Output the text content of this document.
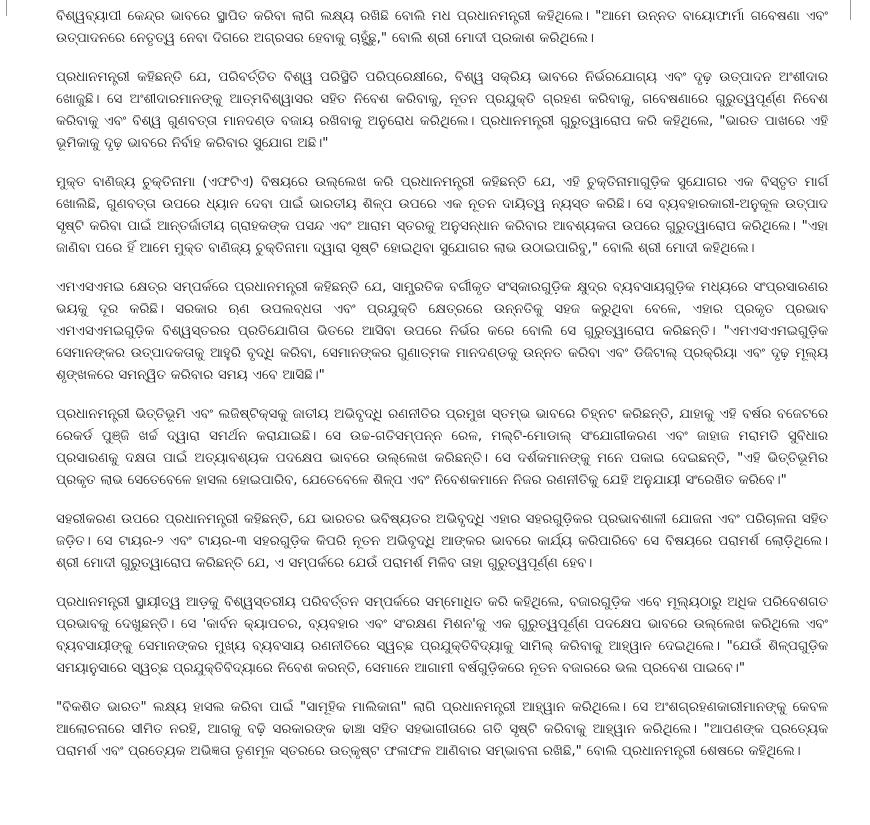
ବିଶ୍ୱବ୍ୟାପୀ କେନ୍ଦ୍ର ଭାବରେ ସ୍ଥାପିତ କରିବା ଲାଗି ଲକ୍ଷ୍ୟ ରଖିଛି ବୋଲି ମଧ ପ୍ରଧାନମନ୍ତ୍ରୀ କହିଥିଲେ। "ଆମେ ଉନ୍ନତ ବାୟୋଫାର୍ମା ଗବେଷଣା ଏବଂ ଉତ୍ପାଦନରେ ନେତୃତ୍ୱ ନେବା ଦିଗରେ ଅଗ୍ରସର ହେବାକୁ ଚାହୁଁଛୁ," ବୋଲି ଶ୍ରୀ ମୋଦୀ ପ୍ରକାଶ କରିଥିଲେ।

ପ୍ରଧାନମନ୍ତ୍ରୀ କହିଛନ୍ତି ଯେ, ପରିବର୍ତ୍ତିତ ବିଶ୍ୱ ପରିସ୍ଥିତି ପରିପ୍ରେକ୍ଷୀରେ, ବିଶ୍ୱ ସକ୍ରିୟ ଭାବରେ ନିର୍ଭରଯୋଗ୍ୟ ଏବଂ ଦୃଢ଼ ଉତ୍ପାଦନ ଅଂଶୀଦାର ଖୋଜୁଛି। ସେ ଅଂଶୀଦାରମାନଙ୍କୁ ଆତ୍ମବିଶ୍ୱାସର ସହିତ ନିବେଶ କରିବାକୁ, ନୂତନ ପ୍ରଯୁକ୍ତି ଗ୍ରହଣ କରିବାକୁ, ଗବେଷଣାରେ ଗୁରୁତ୍ୱପୂର୍ଣ୍ଣ ନିବେଶ କରିବାକୁ ଏବଂ ବିଶ୍ୱ ଗୁଣବତ୍ତା ମାନଦଣ୍ଡ ବଜାୟ ରଖିବାକୁ ଅନୁରୋଧ କରିଥିଲେ। ପ୍ରଧାନମନ୍ତ୍ରୀ ଗୁରୁତ୍ୱାରୋପ କରି କହିଥିଲେ, "ଭାରତ ପାଖରେ ଏହି ଭୂମିକାକୁ ଦୃଢ଼ ଭାବରେ ନିର୍ବାହ କରିବାର ସୁଯୋଗ ଅଛି।"

ମୁକ୍ତ ବାଣିଜ୍ୟ ଚୁକ୍ତିନାମା (ଏଫଟିଏ) ବିଷୟରେ ଉଲ୍ଲେଖ କରି ପ୍ରଧାନମନ୍ତ୍ରୀ କହିଛନ୍ତି ଯେ, ଏହି ଚୁକ୍ତିନାମାଗୁଡ଼ିକ ସୁଯୋଗର ଏକ ବିସ୍ତୃତ ମାର୍ଗ ଖୋଲିଛି, ଗୁଣବତ୍ତା ଉପରେ ଧ୍ୟାନ ଦେବା ପାଇଁ ଭାରତୀୟ ଶିଳ୍ପ ଉପରେ ଏକ ନୂତନ ଦାୟିତ୍ୱ ନ୍ୟସ୍ତ କରିଛି। ସେ ବ୍ୟବହାରକାରୀ-ଅନୁକୂଳ ଉତ୍ପାଦ ସୃଷ୍ଟି କରିବା ପାଇଁ ଆନ୍ତର୍ଜାତୀୟ ଗ୍ରାହକଙ୍କ ପସନ୍ଦ ଏବଂ ଆରାମ ସ୍ତରକୁ ଅନୁସନ୍ଧାନ କରିବାର ଆବଶ୍ୟକତା ଉପରେ ଗୁରୁତ୍ୱାରୋପ କରିଥିଲେ। "ଏହା ଜାଣିବା ପରେ ହିଁ ଆମେ ମୁକ୍ତ ବାଣିଜ୍ୟ ଚୁକ୍ତିନାମା ଦ୍ୱାରା ସୃଷ୍ଟି ହୋଇଥିବା ସୁଯୋଗର ଲାଭ ଉଠାଇପାରିବୁ," ବୋଲି ଶ୍ରୀ ମୋଦୀ କହିଥିଲେ।

ଏମଏସଏମଇ କ୍ଷେତ୍ର ସମ୍ପର୍କରେ ପ୍ରଧାନମନ୍ତ୍ରୀ କହିଛନ୍ତି ଯେ, ସାମ୍ପ୍ରତିକ ବର୍ଗୀକୃତ ସଂସ୍କାରଗୁଡ଼ିକ କ୍ଷୁଦ୍ର ବ୍ୟବସାୟଗୁଡ଼ିକ ମଧ୍ୟରେ ସଂପ୍ରସାରଣର ଭୟକୁ ଦୂର କରିଛି। ସରକାର ଋଣ ଉପଲବ୍ଧତା ଏବଂ ପ୍ରଯୁକ୍ତି କ୍ଷେତ୍ରରେ ଉନ୍ନତିକୁ ସହଜ କରୁଥିବା ବେଳେ, ଏହାର ପ୍ରକୃତ ପ୍ରଭାବ ଏମଏସଏମଇଗୁଡ଼ିକ ବିଶ୍ୱସ୍ତରର ପ୍ରତିଯୋଗିତା ଭିତରେ ଆସିବା ଉପରେ ନିର୍ଭର କରେ ବୋଲି ସେ ଗୁରୁତ୍ୱାରୋପ କରିଛନ୍ତି। "ଏମଏସଏମଇଗୁଡ଼ିକ ସେମାନଙ୍କର ଉତ୍ପାଦକତାକୁ ଆହୁରି ବୃଦ୍ଧି କରିବା, ସେମାନଙ୍କର ଗୁଣାତ୍ମକ ମାନଦଣ୍ଡକୁ ଉନ୍ନତ କରିବା ଏବଂ ଡିଜିଟାଲ୍ ପ୍ରକ୍ରିୟା ଏବଂ ଦୃଢ଼ ମୂଲ୍ୟ ଶୃଙ୍ଖଳରେ ସମନ୍ୱିତ କରିବାର ସମୟ ଏବେ ଆସିଛି।"

ପ୍ରଧାନମନ୍ତ୍ରୀ ଭିତ୍ତିଭୂମି ଏବଂ ଲଜିଷ୍ଟିକ୍ସକୁ ଜାତୀୟ ଅଭିବୃଦ୍ଧି ରଣନୀତିର ପ୍ରମୁଖ ସ୍ତମ୍ଭ ଭାବରେ ଚିହ୍ନଟ କରିଛନ୍ତି, ଯାହାକୁ ଏହି ବର୍ଷର ବଜେଟରେ ରେକର୍ଡ ପୁଞ୍ଜି ଖର୍ଚ୍ଚ ଦ୍ୱାରା ସମର୍ଥନ କରାଯାଇଛି। ସେ ଉଚ୍ଚ-ଗତିସମ୍ପନ୍ନ ରେଳ, ମଲ୍ଟି-ମୋଡାଲ୍ ସଂଯୋଗୀକରଣ ଏବଂ ଜାହାଜ ମରାମତି ସୁବିଧାର ପ୍ରସାରଣକୁ ଦକ୍ଷତା ପାଇଁ ଅତ୍ୟାବଶ୍ୟକ ପଦକ୍ଷେପ ଭାବରେ ଉଲ୍ଲେଖ କରିଛନ୍ତି। ସେ ଦର୍ଶକମାନଙ୍କୁ ମନେ ପକାଇ ଦେଇଛନ୍ତି, "ଏହି ଭିତ୍ତିଭୂମିର ପ୍ରକୃତ ଲାଭ ସେତେବେଳେ ହାସଲ ହୋଇପାରିବ, ଯେତେବେଳେ ଶିଳ୍ପ ଏବଂ ନିବେଶକମାନେ ନିଜର ରଣନୀତିକୁ ଯେହି ଅନୁଯାୟୀ ସଂରେଖିତ କରିବେ।"

ସହରୀକରଣ ଉପରେ ପ୍ରଧାନମନ୍ତ୍ରୀ କହିଛନ୍ତି, ଯେ ଭାରତର ଭବିଷ୍ୟତର ଅଭିବୃଦ୍ଧି ଏହାର ସହରଗୁଡ଼ିକର ପ୍ରଭାବଶାଳୀ ଯୋଜନା ଏବଂ ପରିଚାଳନା ସହିତ ଜଡ଼ିତ। ସେ ଟାୟର-୨ ଏବଂ ଟାୟର-୩ ସହରଗୁଡ଼ିକ କିପରି ନୂତନ ଅଭିବୃଦ୍ଧି ଆଙ୍କର ଭାବରେ କାର୍ଯ୍ୟ କରିପାରିବେ ସେ ବିଷୟରେ ପରାମର୍ଶ ଲୋଡ଼ିଥିଲେ। ଶ୍ରୀ ମୋଦୀ ଗୁରୁତ୍ୱାରୋପ କରିଛନ୍ତି ଯେ, ଏ ସମ୍ପର୍କରେ ଯେଉଁ ପରାମର୍ଶ ମିଳିବ ତାହା ଗୁରୁତ୍ୱପୂର୍ଣ୍ଣ ହେବ।

ପ୍ରଧାନମନ୍ତ୍ରୀ ସ୍ଥାୟୀତ୍ୱ ଆଡ଼କୁ ବିଶ୍ୱସ୍ତରୀୟ ପରିବର୍ତ୍ତନ ସମ୍ପର୍କରେ ସମ୍ମୋଧିତ କରି କହିଥିଲେ, ବଜାରଗୁଡ଼ିକ ଏବେ ମୂଲ୍ୟଠାରୁ ଅଧିକ ପରିବେଶଗତ ପ୍ରଭାବକୁ ଦେଖୁଛନ୍ତି। ସେ 'କାର୍ବନ କ୍ୟାପଚର, ବ୍ୟବହାର ଏବଂ ସଂରକ୍ଷଣ ମିଶନ'କୁ ଏକ ଗୁରୁତ୍ୱପୂର୍ଣ୍ଣ ପଦକ୍ଷେପ ଭାବରେ ଉଲ୍ଲେଖ କରିଥିଲେ ଏବଂ ବ୍ୟବସାୟୀଙ୍କୁ ସେମାନଙ୍କର ମୁଖ୍ୟ ବ୍ୟବସାୟ ରଣନୀତିରେ ସ୍ୱଚ୍ଛ ପ୍ରଯୁକ୍ତିବିଦ୍ୟାକୁ ସାମିଲ୍ କରିବାକୁ ଆହ୍ୱାନ ଦେଇଥିଲେ। "ଯେଉଁ ଶିଳ୍ପଗୁଡ଼ିକ ସମୟାନୁସାରେ ସ୍ୱଚ୍ଛ ପ୍ରଯୁକ୍ତିବିଦ୍ୟାରେ ନିବେଶ କରନ୍ତି, ସେମାନେ ଆଗାମୀ ବର୍ଷଗୁଡ଼ିକରେ ନୂତନ ବଜାରରେ ଭଲ ପ୍ରବେଶ ପାଇବେ।"

"ବିକଶିତ ଭାରତ" ଲକ୍ଷ୍ୟ ହାସଲ କରିବା ପାଇଁ "ସାମୂହିକ ମାଲିକାନା" ଲାଗି ପ୍ରଧାନମନ୍ତ୍ରୀ ଆହ୍ୱାନ କରିଥିଲେ। ସେ ଅଂଶଗ୍ରହଣକାରୀମାନଙ୍କୁ କେବଳ ଆଲୋଚନାରେ ସୀମିତ ନରହି, ଆଗକୁ ବଢ଼ି ସରକାରଙ୍କ ଢାଞ୍ଚା ସହିତ ସହଭାଗୀତାରେ ଗତି ସୃଷ୍ଟି କରିବାକୁ ଆହ୍ୱାନ କରିଥିଲେ। "ଆପଣଙ୍କ ପ୍ରତ୍ୟେକ ପରାମର୍ଶ ଏବଂ ପ୍ରତ୍ୟେକ ଅଭିଜ୍ଞତା ତୃଣମୂଳ ସ୍ତରରେ ଉତ୍କୃଷ୍ଟ ଫଳାଫଳ ଆଣିବାର ସମ୍ଭାବନା ରଖିଛି," ବୋଲି ପ୍ରଧାନମନ୍ତ୍ରୀ ଶେଷରେ କହିଥିଲେ।
